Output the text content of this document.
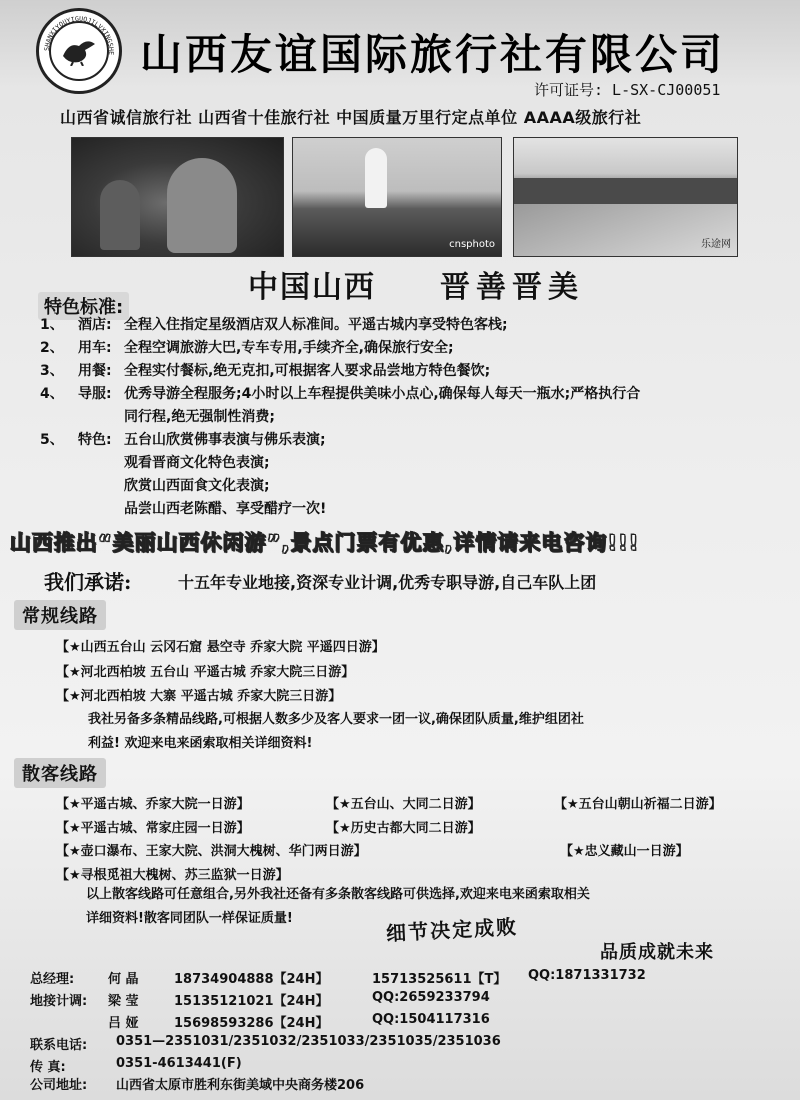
SHANXIYOUYIGUOJILVXINGSHE 山西友谊国际旅行社有限公司
许可证号: L-SX-CJ00051
山西省诚信旅行社 山西省十佳旅行社 中国质量万里行定点单位 AAAA级旅行社
cnsphoto	乐途网
中国山西 晋善晋美
特色标准:
1、 酒店: 全程入住指定星级酒店双人标准间。平遥古城内享受特色客栈;
2、 用车: 全程空调旅游大巴,专车专用,手续齐全,确保旅行安全;
3、 用餐: 全程实付餐标,绝无克扣,可根据客人要求品尝地方特色餐饮;
4、 导服: 优秀导游全程服务;4小时以上车程提供美味小点心,确保每人每天一瓶水;严格执行合
同行程,绝无强制性消费;
5、 特色: 五台山欣赏佛事表演与佛乐表演;
观看晋商文化特色表演;
欣赏山西面食文化表演;
品尝山西老陈醋、享受醋疗一次!
山西推出“美丽山西休闲游”,景点门票有优惠,详情请来电咨询!!!
我们承诺:	十五年专业地接,资深专业计调,优秀专职导游,自己车队上团
常规线路
【★山西五台山 云冈石窟 悬空寺 乔家大院 平遥四日游】
【★河北西柏坡 五台山 平遥古城 乔家大院三日游】
【★河北西柏坡 大寨 平遥古城 乔家大院三日游】
我社另备多条精品线路,可根据人数多少及客人要求一团一议,确保团队质量,维护组团社
利益! 欢迎来电来函索取相关详细资料!
散客线路
【★平遥古城、乔家大院一日游】	【★五台山、大同二日游】	【★五台山朝山祈福二日游】
【★平遥古城、常家庄园一日游】	【★历史古都大同二日游】
【★壶口瀑布、王家大院、洪洞大槐树、华门两日游】	【★忠义藏山一日游】
【★寻根觅祖大槐树、苏三监狱一日游】
以上散客线路可任意组合,另外我社还备有多条散客线路可供选择,欢迎来电来函索取相关
详细资料!散客同团队一样保证质量!	细节决定成败
品质成就未来
总经理:	何 晶	18734904888【24H】	15713525611【T】 QQ:1871331732
地接计调: 梁 莹	15135121021【24H】	QQ:2659233794
吕 娅	15698593286【24H】	QQ:1504117316
联系电话: 0351—2351031/2351032/2351033/2351035/2351036
传 真:	0351-4613441(F)
公司地址: 山西省太原市胜利东街美域中央商务楼206
